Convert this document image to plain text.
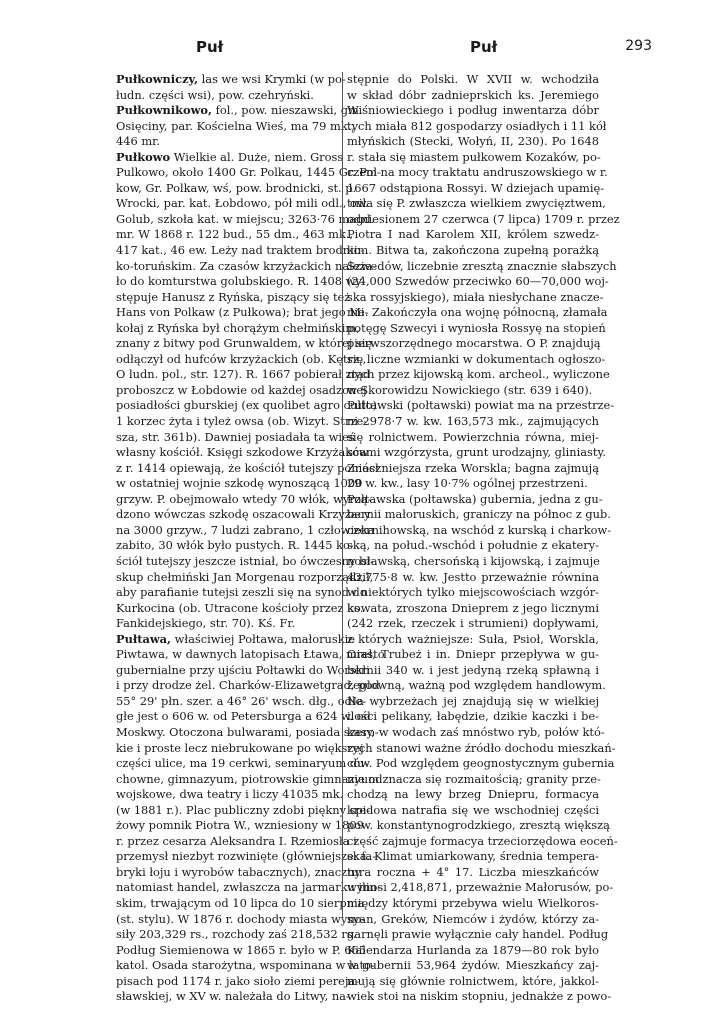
Puł	Puł	293
Pułkowniczy, las we wsi Krymki (w po-
łudn. części wsi), pow. czehryński.
Pułkownikowo, fol., pow. nieszawski, gm.
Osięciny, par. Kościelna Wieś, ma 79 mk.,
446 mr.
Pułkowo Wielkie al. Duże, niem. Gross
Pulkowo, około 1400 Gr. Polkau, 1445 Gr. Pol-
kow, Gr. Polkaw, wś, pow. brodnicki, st. p.
Wrocki, par. kat. Łobdowo, pół mili odl., ow.
Golub, szkoła kat. w miejscu; 3263·76 magd.
mr. W 1868 r. 122 bud., 55 dm., 463 mk.,
417 kat., 46 ew. Leży nad traktem brodnic-
ko-toruńskim. Za czasów krzyżackich należa-
ło do komturstwa golubskiego. R. 1408 wy-
stępuje Hanusz z Ryńska, piszący się też
Hans von Polkaw (z Pułkowa); brat jego Mi-
kołaj z Ryńska był chorążym chełmińskim,
znany z bitwy pod Grunwaldem, w której się
odłączył od hufców krzyżackich (ob. Kętrz.,
O ludn. pol., str. 127). R. 1667 pobierał ztąd
proboszcz w Łobdowie od każdej osadzonej
posiadłości gburskiej (ex quolibet agro culto)
1 korzec żyta i tyleż owsa (ob. Wizyt. Strze-
sza, str. 361b). Dawniej posiadała ta wieś
własny kościół. Księgi szkodowe Krzyżaków
z r. 1414 opiewają, że kościół tutejszy poniósł
w ostatniej wojnie szkodę wynoszącą 1000
grzyw. P. obejmowało wtedy 70 włók, wyrzą-
dzono wówczas szkodę oszacowali Krzyżacy
na 3000 grzyw., 7 ludzi zabrano, 1 człowieka
zabito, 30 włók było pustych. R. 1445 ko-
ściół tutejszy jeszcze istniał, bo ówczesny bi-
skup chełmiński Jan Morgenau rozporządził,
aby parafianie tutejsi zeszli się na synod do
Kurkocina (ob. Utracone kościoły przez ks.
Fankidejskiego, str. 70). Kś. Fr.
Pułtawa, właściwiej Połtawa, małoruskie
Piwtawa, w dawnych latopisach Łtawa, miasto
gubernialne przy ujściu Połtawki do Worskli
i przy drodze żel. Charków-Elizawetgrad, pod
55° 29' płn. szer. a 46° 26' wsch. dłg., odle-
głe jest o 606 w. od Petersburga a 624 w. od
Moskwy. Otoczona bulwarami, posiada szero-
kie i proste lecz niebrukowane po większej
części ulice, ma 19 cerkwi, seminaryum du-
chowne, gimnazyum, piotrowskie gimnazyum
wojskowe, dwa teatry i liczy 41035 mk.
(w 1881 r.). Plac publiczny zdobi piękny spi-
żowy pomnik Piotra W., wzniesiony w 1809
r. przez cesarza Aleksandra I. Rzemiosła i
przemysł niezbyt rozwinięte (główniejsze: fa-
bryki łoju i wyrobów tabacznych), znaczny
natomiast handel, zwłaszcza na jarmarku ilin-
skim, trwającym od 10 lipca do 10 sierpnia
(st. stylu). W 1876 r. dochody miasta wyno-
siły 203,329 rs., rozchody zaś 218,532 rs.
Podług Siemienowa w 1865 r. było w P. 665
katol. Osada starożytna, wspominana w lato-
pisach pod 1174 r. jako sioło ziemi pereja-
sławskiej, w XV w. należała do Litwy, na-
stępnie do Polski. W XVII w. wchodziła
w skład dóbr zadnieprskich ks. Jeremiego
Wiśniowieckiego i podług inwentarza dóbr
tych miała 812 gospodarzy osiadłych i 11 kół
młyńskich (Stecki, Wołyń, II, 230). Po 1648
r. stała się miastem pułkowem Kozaków, po-
czem na mocy traktatu andruszowskiego w r.
1667 odstąpiona Rossyi. W dziejach upamię-
tniła się P. zwłaszcza wielkiem zwycięztwem,
odniesionem 27 czerwca (7 lipca) 1709 r. przez
Piotra I nad Karolem XII, królem szwedz-
kim. Bitwa ta, zakończona zupełną porażką
Szwedów, liczebnie zresztą znacznie słabszych
(24,000 Szwedów przeciwko 60—70,000 woj-
ska rossyjskiego), miała niesłychane znacze-
nie. Zakończyła ona wojnę północną, złamała
potęgę Szwecyi i wyniosła Rossyę na stopień
pierwszorzędnego mocarstwa. O P. znajdują
się liczne wzmianki w dokumentach ogłoszo-
nych przez kijowską kom. archeol., wyliczone
w Skorowidzu Nowickiego (str. 639 i 640).
Pułtawski (połtawski) powiat ma na przestrze-
ni 2978·7 w. kw. 163,573 mk., zajmujących
się rolnictwem. Powierzchnia równa, miej-
scami wzgórzysta, grunt urodzajny, gliniasty.
Znaczniejsza rzeka Worskla; bagna zajmują
29 w. kw., lasy 10·7% ogólnej przestrzeni.
Połtawska (połtawska) gubernia, jedna z gu-
bernii małoruskich, graniczy na północ z gub.
czernihowską, na wschód z kurską i charkow-
ską, na połud.-wschód i południe z ekatery-
nosławską, chersońską i kijowską, i zajmuje
43,775·8 w. kw. Jestto przeważnie równina
w niektórych tylko miejscowościach wzgór-
kowata, zroszona Dnieprem z jego licznymi
(242 rzek, rzeczek i strumieni) dopływami,
z których ważniejsze: Suła, Psioł, Worskla,
Oreł, Trubeż i in. Dniepr przepływa w gu-
bernii 340 w. i jest jedyną rzeką spławną i
żeglowną, ważną pod względem handlowym.
Na wybrzeżach jej znajdują się w wielkiej
ilości pelikany, łabędzie, dzikie kaczki i be-
kasy, w wodach zaś mnóstwo ryb, połów któ-
rych stanowi ważne źródło dochodu mieszkań-
ców. Pod względem geognostycznym gubernia
nie odznacza się rozmaitością; granity prze-
chodzą na lewy brzeg Dniepru, formacya
kredowa natrafia się we wschodniej części
pow. konstantynogrodzkiego, zresztą większą
część zajmuje formacya trzeciorzędowa eoceń-
ska. Klimat umiarkowany, średnia tempera-
tura roczna + 4° 17. Liczba mieszkańców
wynosi 2,418,871, przeważnie Małorusów, po-
między którymi przebywa wielu Wielkoros-
syan, Greków, Niemców i żydów, którzy za-
garnęli prawie wyłącznie cały handel. Podług
Kalendarza Hurlanda za 1879—80 rok było
w gubernii 53,964 żydów. Mieszkańcy zaj-
mują się głównie rolnictwem, które, jakkol-
wiek stoi na niskim stopniu, jednakże z powo-
